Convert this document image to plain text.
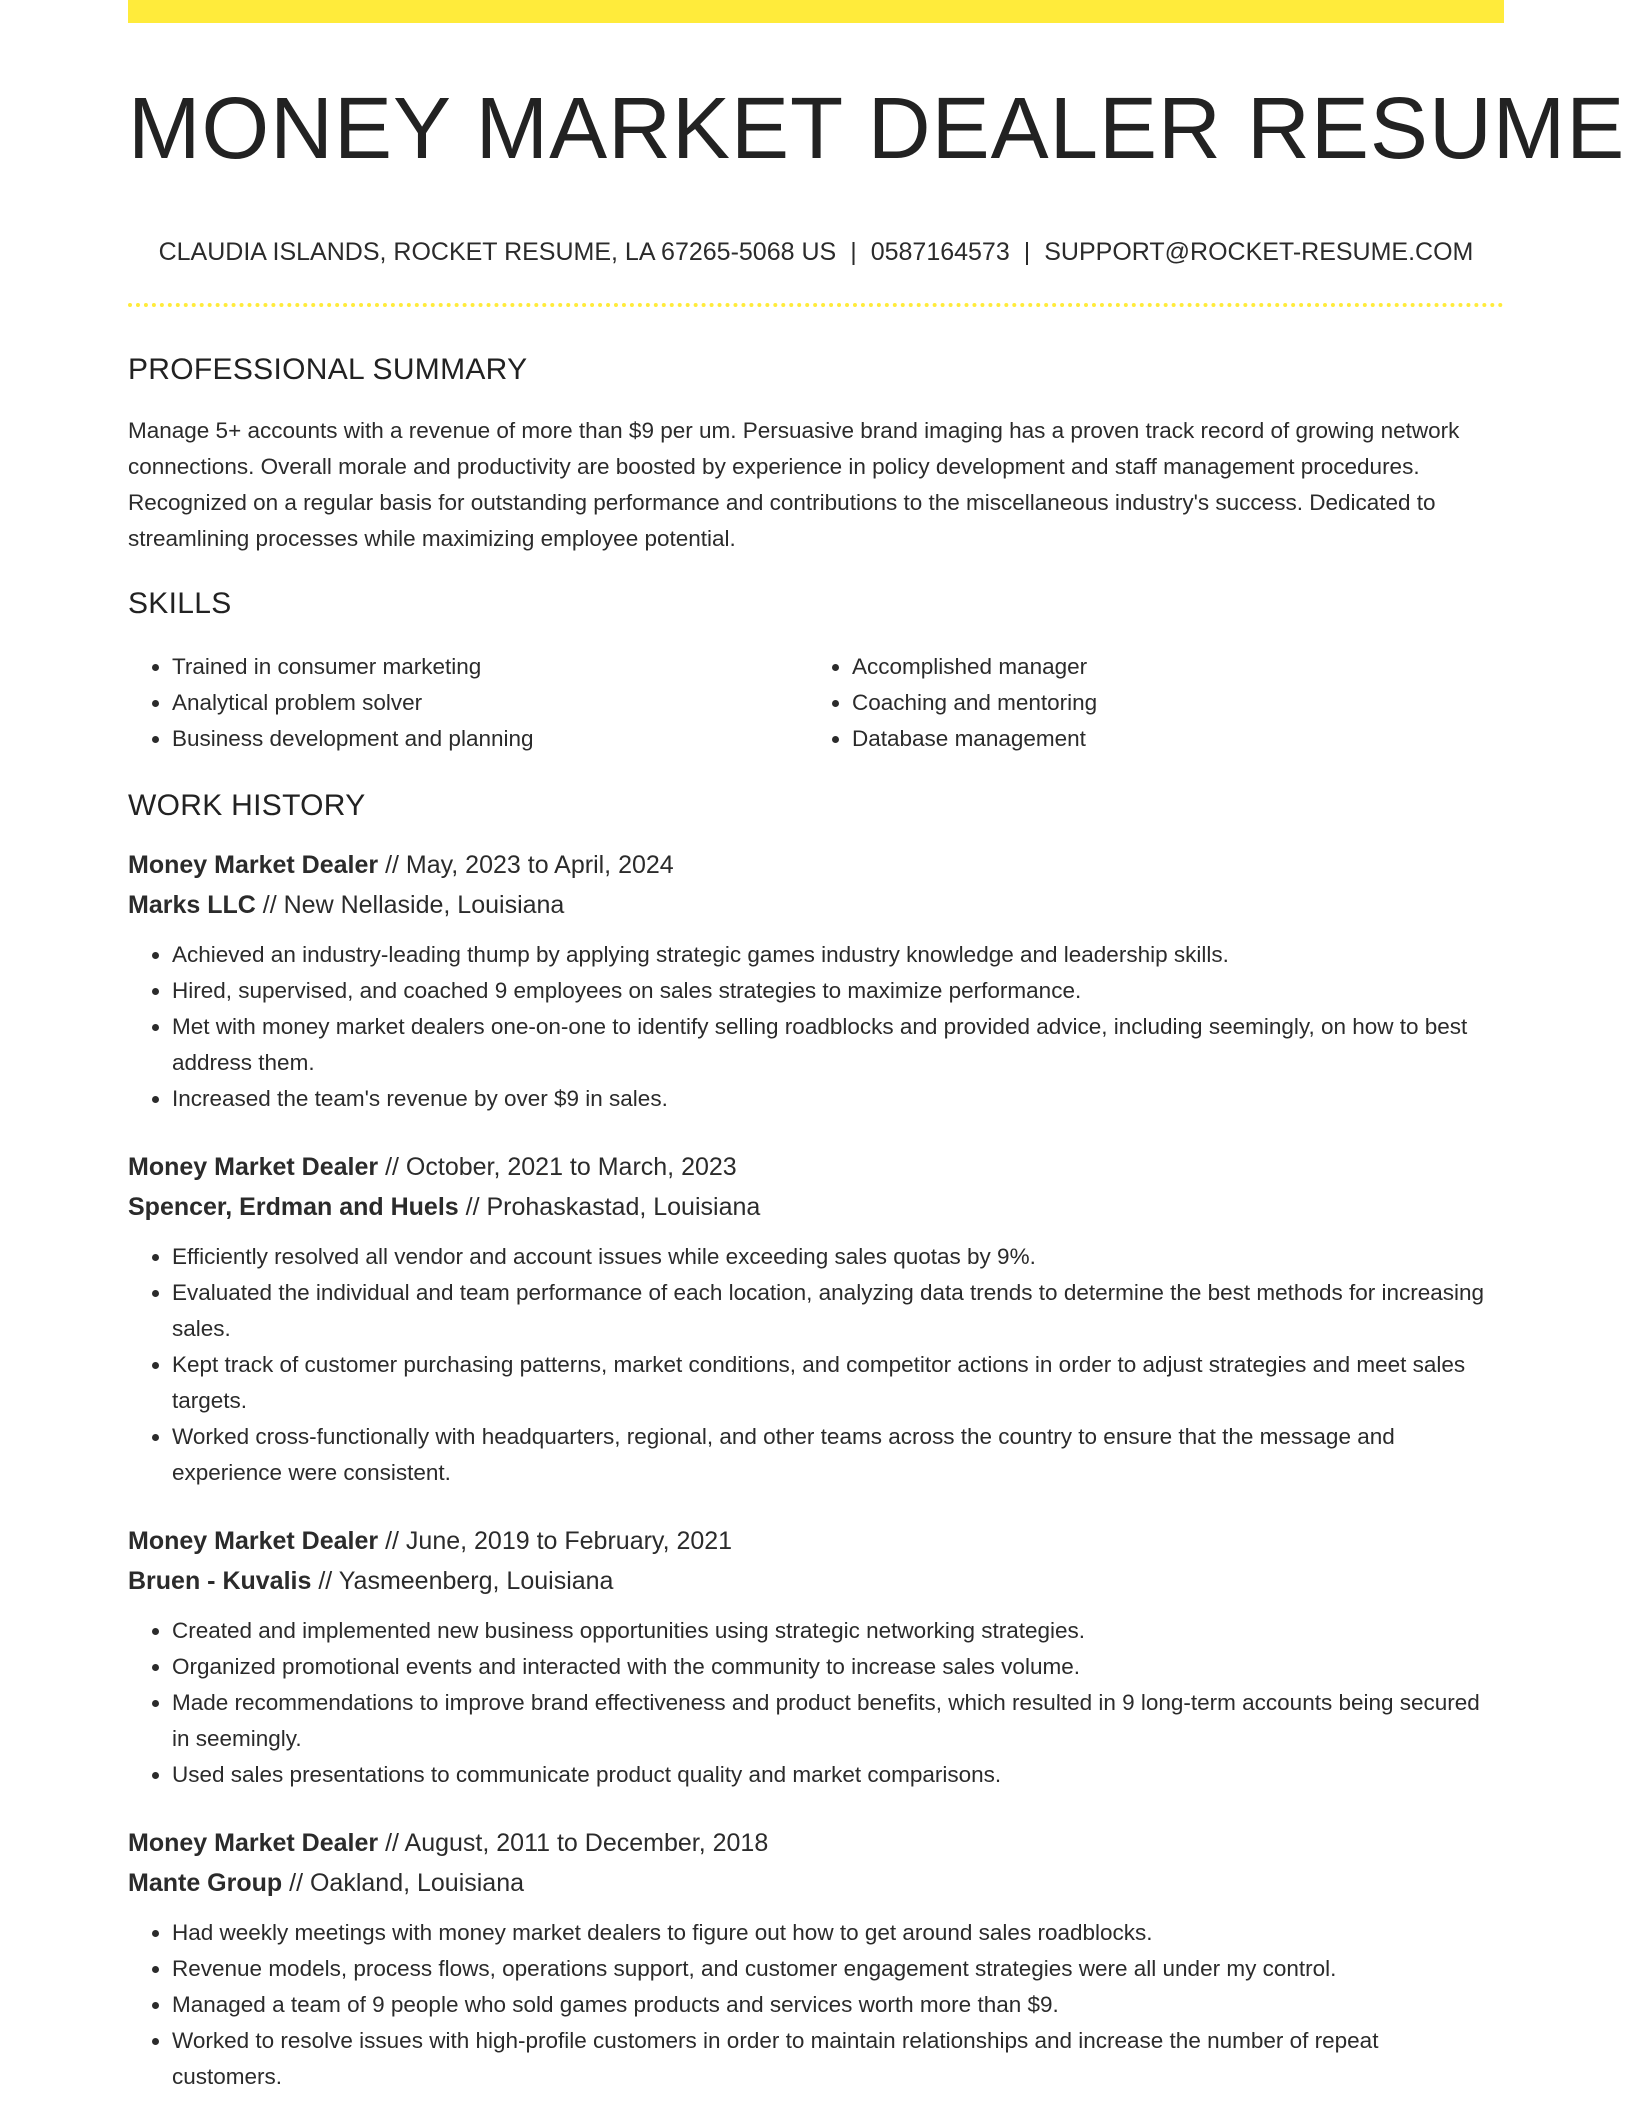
MONEY MARKET DEALER RESUME
CLAUDIA ISLANDS, ROCKET RESUME, LA 67265-5068 US | 0587164573 | SUPPORT@ROCKET-RESUME.COM
PROFESSIONAL SUMMARY

Manage 5+ accounts with a revenue of more than $9 per um. Persuasive brand imaging has a proven track record of growing network connections. Overall morale and productivity are boosted by experience in policy development and staff management procedures. Recognized on a regular basis for outstanding performance and contributions to the miscellaneous industry's success. Dedicated to streamlining processes while maximizing employee potential.

SKILLS
• Trained in consumer marketing
• Analytical problem solver
• Business development and planning
• Accomplished manager
• Coaching and mentoring
• Database management
WORK HISTORY
Money Market Dealer // May, 2023 to April, 2024
Marks LLC // New Nellaside, Louisiana
• Achieved an industry-leading thump by applying strategic games industry knowledge and leadership skills.
• Hired, supervised, and coached 9 employees on sales strategies to maximize performance.
• Met with money market dealers one-on-one to identify selling roadblocks and provided advice, including seemingly, on how to best address them.
• Increased the team's revenue by over $9 in sales.
Money Market Dealer // October, 2021 to March, 2023
Spencer, Erdman and Huels // Prohaskastad, Louisiana
• Efficiently resolved all vendor and account issues while exceeding sales quotas by 9%.
• Evaluated the individual and team performance of each location, analyzing data trends to determine the best methods for increasing sales.
• Kept track of customer purchasing patterns, market conditions, and competitor actions in order to adjust strategies and meet sales targets.
• Worked cross-functionally with headquarters, regional, and other teams across the country to ensure that the message and experience were consistent.
Money Market Dealer // June, 2019 to February, 2021
Bruen - Kuvalis // Yasmeenberg, Louisiana
• Created and implemented new business opportunities using strategic networking strategies.
• Organized promotional events and interacted with the community to increase sales volume.
• Made recommendations to improve brand effectiveness and product benefits, which resulted in 9 long-term accounts being secured in seemingly.
• Used sales presentations to communicate product quality and market comparisons.
Money Market Dealer // August, 2011 to December, 2018
Mante Group // Oakland, Louisiana
• Had weekly meetings with money market dealers to figure out how to get around sales roadblocks.
• Revenue models, process flows, operations support, and customer engagement strategies were all under my control.
• Managed a team of 9 people who sold games products and services worth more than $9.
• Worked to resolve issues with high-profile customers in order to maintain relationships and increase the number of repeat customers.
